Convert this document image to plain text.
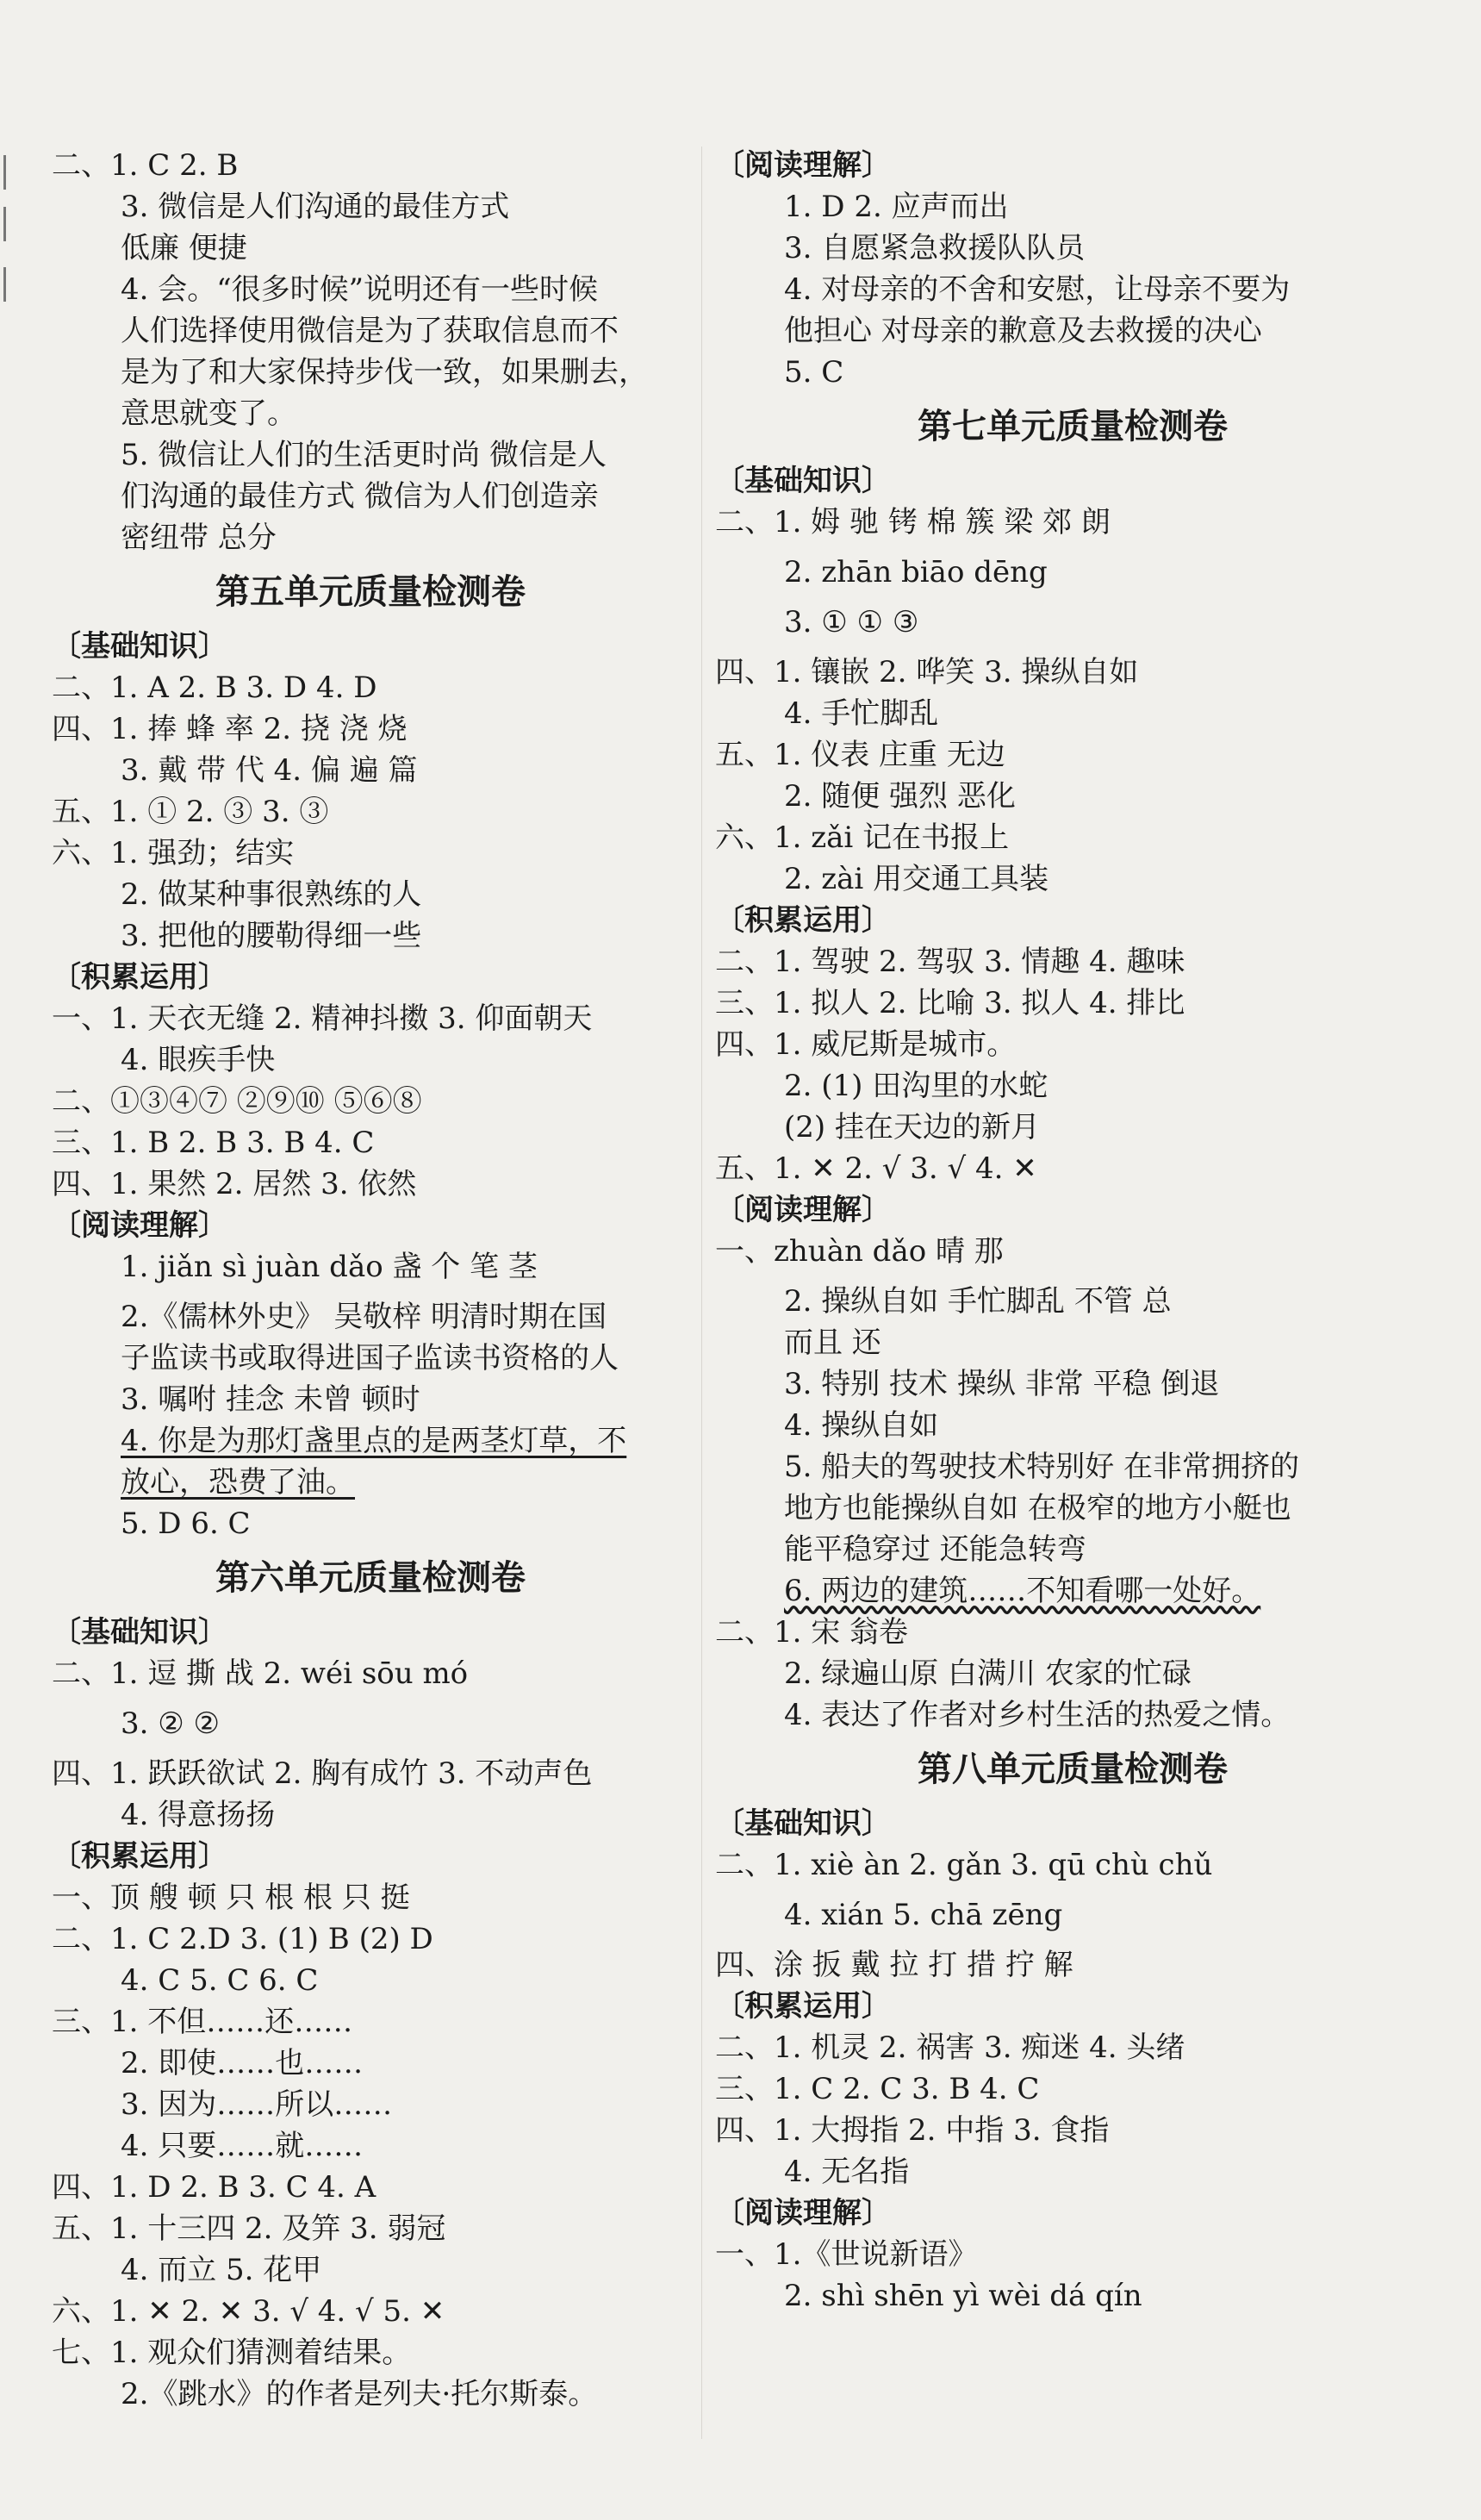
二、1. C 2. B
3. 微信是人们沟通的最佳方式
低廉 便捷
4. 会。“很多时候”说明还有一些时候
人们选择使用微信是为了获取信息而不
是为了和大家保持步伐一致，如果删去，
意思就变了。
5. 微信让人们的生活更时尚 微信是人
们沟通的最佳方式 微信为人们创造亲
密纽带 总分
第五单元质量检测卷
〔基础知识〕
二、1. A 2. B 3. D 4. D
四、1. 捧 蜂 率 2. 挠 浇 烧
3. 戴 带 代 4. 偏 遍 篇
五、1. ① 2. ③ 3. ③
六、1. 强劲；结实
2. 做某种事很熟练的人
3. 把他的腰勒得细一些
〔积累运用〕
一、1. 天衣无缝 2. 精神抖擞 3. 仰面朝天
4. 眼疾手快
二、①③④⑦ ②⑨⑩ ⑤⑥⑧
三、1. B 2. B 3. B 4. C
四、1. 果然 2. 居然 3. 依然
〔阅读理解〕
1. jiǎn sì juàn dǎo 盏 个 笔 茎
2.《儒林外史》 吴敬梓 明清时期在国
子监读书或取得进国子监读书资格的人
3. 嘱咐 挂念 未曾 顿时
4. 你是为那灯盏里点的是两茎灯草，不
放心，恐费了油。
5. D 6. C
第六单元质量检测卷
〔基础知识〕
二、1. 逗 撕 战 2. wéi sōu mó
3. ② ②
四、1. 跃跃欲试 2. 胸有成竹 3. 不动声色
4. 得意扬扬
〔积累运用〕
一、顶 艘 顿 只 根 根 只 挺
二、1. C 2.D 3. (1) B (2) D
4. C 5. C 6. C
三、1. 不但……还……
2. 即使……也……
3. 因为……所以……
4. 只要……就……
四、1. D 2. B 3. C 4. A
五、1. 十三四 2. 及笄 3. 弱冠
4. 而立 5. 花甲
六、1. ✕ 2. ✕ 3. √ 4. √ 5. ✕
七、1. 观众们猜测着结果。
2.《跳水》的作者是列夫·托尔斯泰。
〔阅读理解〕
1. D 2. 应声而出
3. 自愿紧急救援队队员
4. 对母亲的不舍和安慰，让母亲不要为
他担心 对母亲的歉意及去救援的决心
5. C
第七单元质量检测卷
〔基础知识〕
二、1. 姆 驰 铐 棉 簇 梁 郊 朗
2. zhān biāo dēng
3. ① ① ③
四、1. 镶嵌 2. 哗笑 3. 操纵自如
4. 手忙脚乱
五、1. 仪表 庄重 无边
2. 随便 强烈 恶化
六、1. zǎi 记在书报上
2. zài 用交通工具装
〔积累运用〕
二、1. 驾驶 2. 驾驭 3. 情趣 4. 趣味
三、1. 拟人 2. 比喻 3. 拟人 4. 排比
四、1. 威尼斯是城市。
2. (1) 田沟里的水蛇
(2) 挂在天边的新月
五、1. ✕ 2. √ 3. √ 4. ✕
〔阅读理解〕
一、zhuàn dǎo 晴 那
2. 操纵自如 手忙脚乱 不管 总
而且 还
3. 特别 技术 操纵 非常 平稳 倒退
4. 操纵自如
5. 船夫的驾驶技术特别好 在非常拥挤的
地方也能操纵自如 在极窄的地方小艇也
能平稳穿过 还能急转弯
6. 两边的建筑……不知看哪一处好。
二、1. 宋 翁卷
2. 绿遍山原 白满川 农家的忙碌
4. 表达了作者对乡村生活的热爱之情。
第八单元质量检测卷
〔基础知识〕
二、1. xiè àn 2. gǎn 3. qū chù chǔ
4. xián 5. chā zēng
四、涂 扳 戴 拉 打 措 拧 解
〔积累运用〕
二、1. 机灵 2. 祸害 3. 痴迷 4. 头绪
三、1. C 2. C 3. B 4. C
四、1. 大拇指 2. 中指 3. 食指
4. 无名指
〔阅读理解〕
一、1.《世说新语》
2. shì shēn yì wèi dá qín
